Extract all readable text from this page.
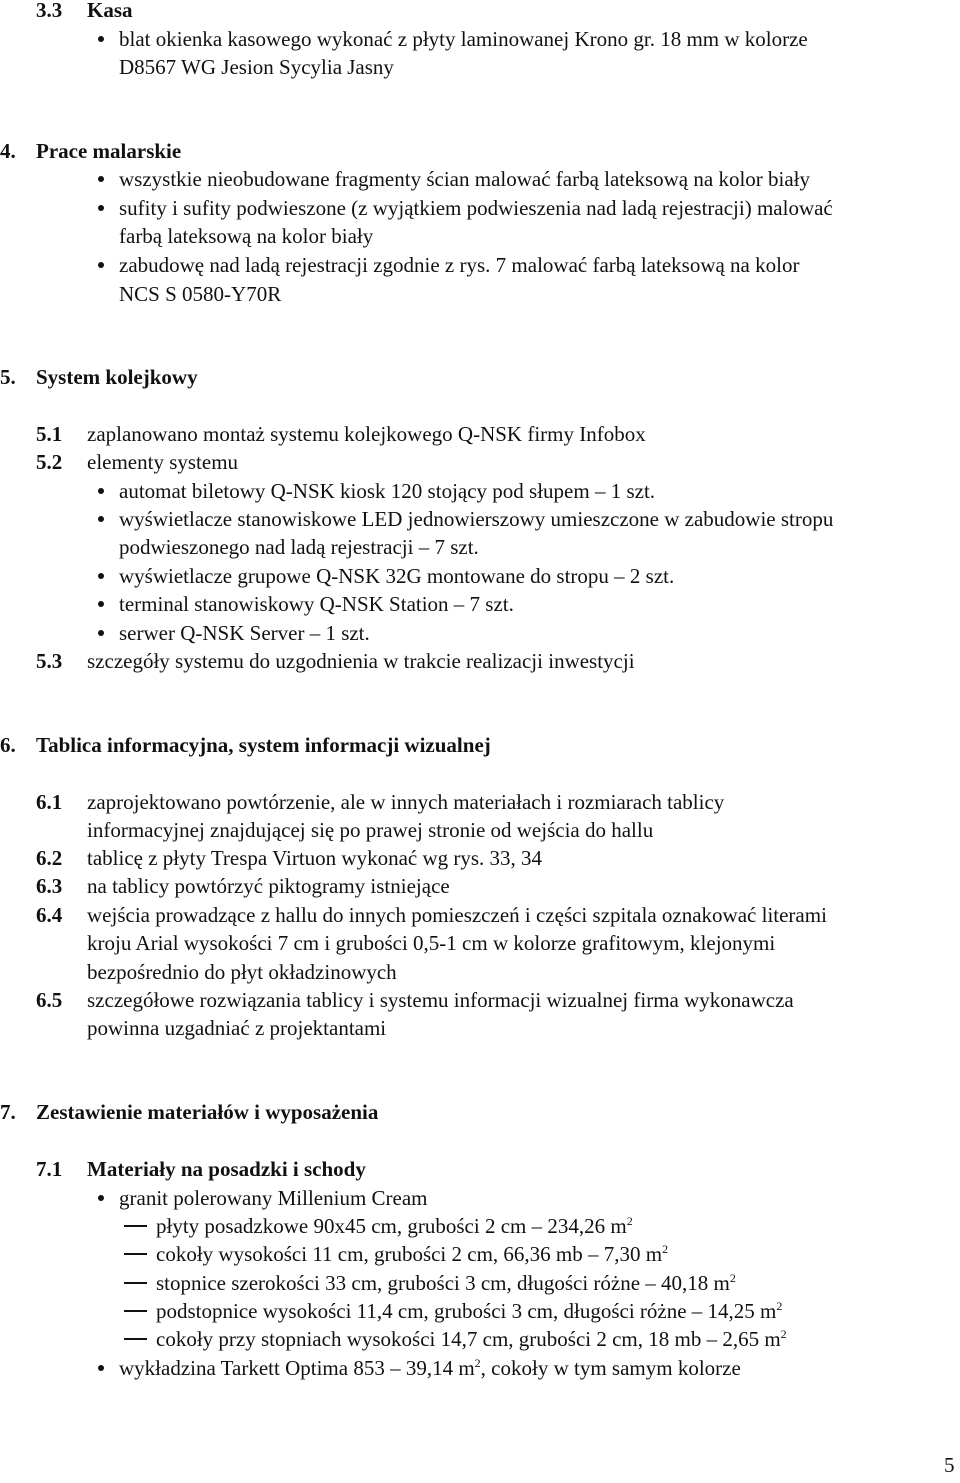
3.3 Kasa
blat okienka kasowego wykonać z płyty laminowanej Krono gr. 18 mm w kolorze
D8567 WG Jesion Sycylia Jasny
4. Prace malarskie
wszystkie nieobudowane fragmenty ścian malować farbą lateksową na kolor biały
sufity i sufity podwieszone (z wyjątkiem podwieszenia nad ladą rejestracji) malować
farbą lateksową na kolor biały
zabudowę nad ladą rejestracji zgodnie z rys. 7 malować farbą lateksową na kolor
NCS S 0580-Y70R
5. System kolejkowy
5.1 zaplanowano montaż systemu kolejkowego Q-NSK firmy Infobox
5.2 elementy systemu
automat biletowy Q-NSK kiosk 120 stojący pod słupem – 1 szt.
wyświetlacze stanowiskowe LED jednowierszowy umieszczone w zabudowie stropu
podwieszonego nad ladą rejestracji – 7 szt.
wyświetlacze grupowe Q-NSK 32G montowane do stropu – 2 szt.
terminal stanowiskowy Q-NSK Station – 7 szt.
serwer Q-NSK Server – 1 szt.
5.3 szczegóły systemu do uzgodnienia w trakcie realizacji inwestycji
6. Tablica informacyjna, system informacji wizualnej
6.1 zaprojektowano powtórzenie, ale w innych materiałach i rozmiarach tablicy
informacyjnej znajdującej się po prawej stronie od wejścia do hallu
6.2 tablicę z płyty Trespa Virtuon wykonać wg rys. 33, 34
6.3 na tablicy powtórzyć piktogramy istniejące
6.4 wejścia prowadzące z hallu do innych pomieszczeń i części szpitala oznakować literami
kroju Arial wysokości 7 cm i grubości 0,5-1 cm w kolorze grafitowym, klejonymi
bezpośrednio do płyt okładzinowych
6.5 szczegółowe rozwiązania tablicy i systemu informacji wizualnej firma wykonawcza
powinna uzgadniać z projektantami
7. Zestawienie materiałów i wyposażenia
7.1 Materiały na posadzki i schody
granit polerowany Millenium Cream
płyty posadzkowe 90x45 cm, grubości 2 cm – 234,26 $m^2$
cokoły wysokości 11 cm, grubości 2 cm, 66,36 mb – 7,30 $m^2$
stopnice szerokości 33 cm, grubości 3 cm, długości różne – 40,18 $m^2$
podstopnice wysokości 11,4 cm, grubości 3 cm, długości różne – 14,25 $m^2$
cokoły przy stopniach wysokości 14,7 cm, grubości 2 cm, 18 mb – 2,65 $m^2$
wykładzina Tarkett Optima 853 – 39,14 $m^2$, cokoły w tym samym kolorze
5
